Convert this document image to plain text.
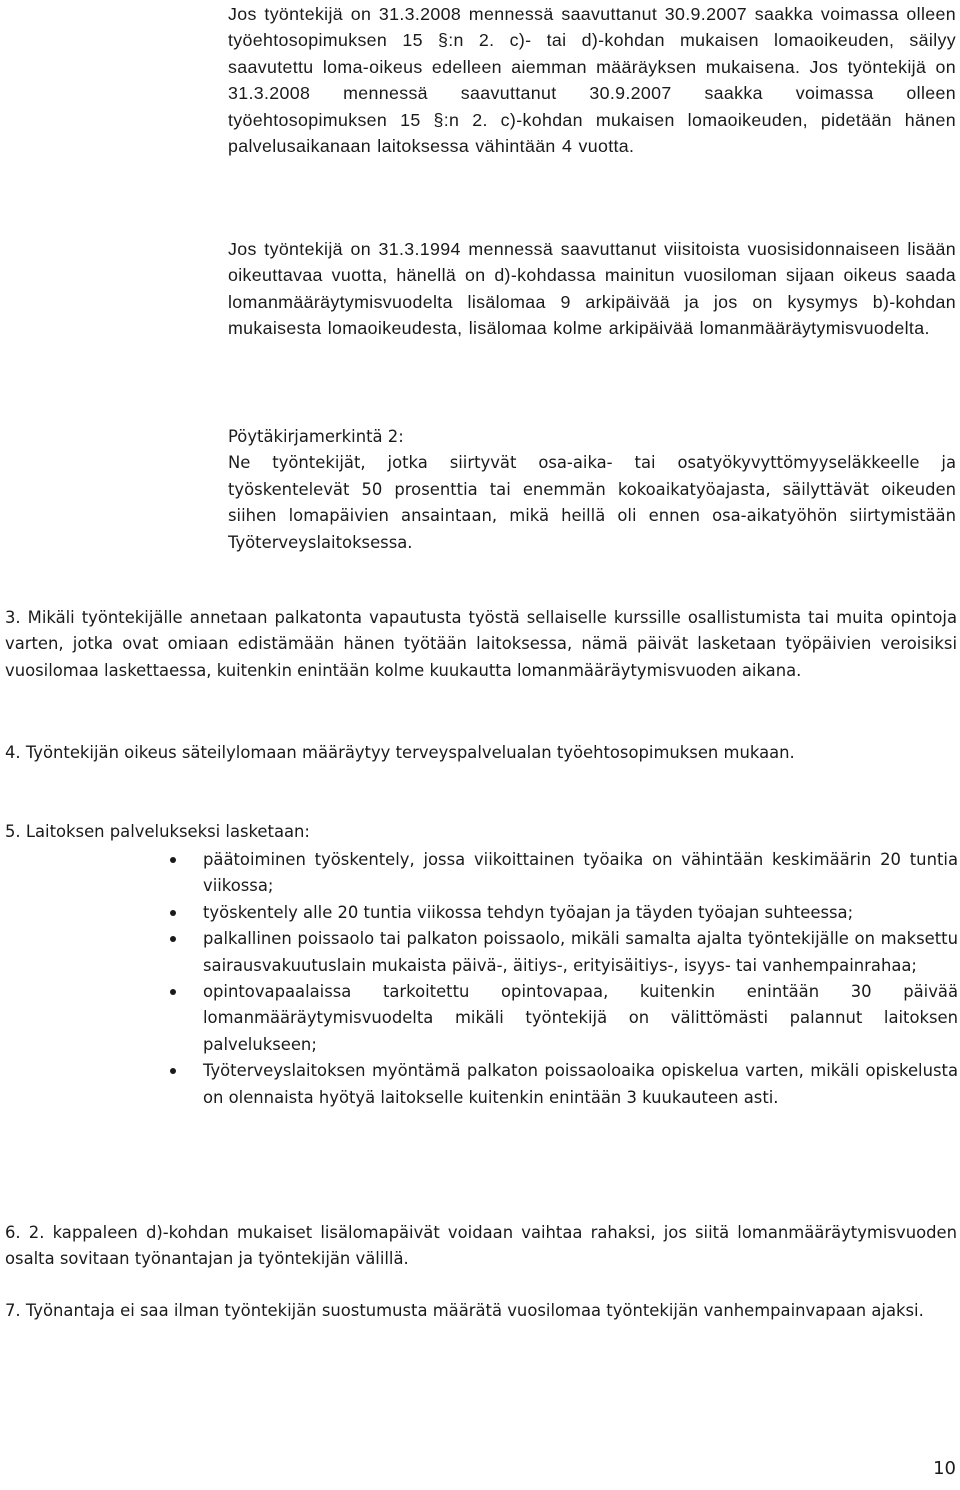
Jos työntekijä on 31.3.2008 mennessä saavuttanut 30.9.2007 saakka voimassa olleen työehtosopimuksen 15 §:n 2. c)- tai d)-kohdan mukaisen lomaoikeuden, säilyy saavutettu loma-oikeus edelleen aiemman määräyksen mukaisena. Jos työntekijä on 31.3.2008 mennessä saavuttanut 30.9.2007 saakka voimassa olleen työehtosopimuksen 15 §:n 2. c)-kohdan mukaisen lomaoikeuden, pidetään hänen palvelusaikanaan laitoksessa vähintään 4 vuotta.

Jos työntekijä on 31.3.1994 mennessä saavuttanut viisitoista vuosisidonnaiseen lisään oikeuttavaa vuotta, hänellä on d)-kohdassa mainitun vuosiloman sijaan oikeus saada lomanmääräytymisvuodelta lisälomaa 9 arkipäivää ja jos on kysymys b)-kohdan mukaisesta lomaoikeudesta, lisälomaa kolme arkipäivää lomanmääräytymisvuodelta.

Pöytäkirjamerkintä 2:

Ne työntekijät, jotka siirtyvät osa-aika- tai osatyökyvyttömyyseläkkeelle ja työskentelevät 50 prosenttia tai enemmän kokoaikatyöajasta, säilyttävät oikeuden siihen lomapäivien ansaintaan, mikä heillä oli ennen osa-aikatyöhön siirtymistään Työterveyslaitoksessa.

3. Mikäli työntekijälle annetaan palkatonta vapautusta työstä sellaiselle kurssille osallistumista tai muita opintoja varten, jotka ovat omiaan edistämään hänen työtään laitoksessa, nämä päivät lasketaan työpäivien veroisiksi vuosilomaa laskettaessa, kuitenkin enintään kolme kuukautta lomanmääräytymisvuoden aikana.

4. Työntekijän oikeus säteilylomaan määräytyy terveyspalvelualan työehtosopimuksen mukaan.

5. Laitoksen palvelukseksi lasketaan:

päätoiminen työskentely, jossa viikoittainen työaika on vähintään keskimäärin 20 tuntia viikossa;
työskentely alle 20 tuntia viikossa tehdyn työajan ja täyden työajan suhteessa;
palkallinen poissaolo tai palkaton poissaolo, mikäli samalta ajalta työntekijälle on maksettu sairausvakuutuslain mukaista päivä-, äitiys-, erityisäitiys-, isyys- tai vanhempainrahaa;
opintovapaalaissa tarkoitettu opintovapaa, kuitenkin enintään 30 päivää lomanmääräytymisvuodelta mikäli työntekijä on välittömästi palannut laitoksen palvelukseen;
Työterveyslaitoksen myöntämä palkaton poissaoloaika opiskelua varten, mikäli opiskelusta on olennaista hyötyä laitokselle kuitenkin enintään 3 kuukauteen asti.

6. 2. kappaleen d)-kohdan mukaiset lisälomapäivät voidaan vaihtaa rahaksi, jos siitä lomanmääräytymisvuoden osalta sovitaan työnantajan ja työntekijän välillä.

7. Työnantaja ei saa ilman työntekijän suostumusta määrätä vuosilomaa työntekijän vanhempainvapaan ajaksi.

10
